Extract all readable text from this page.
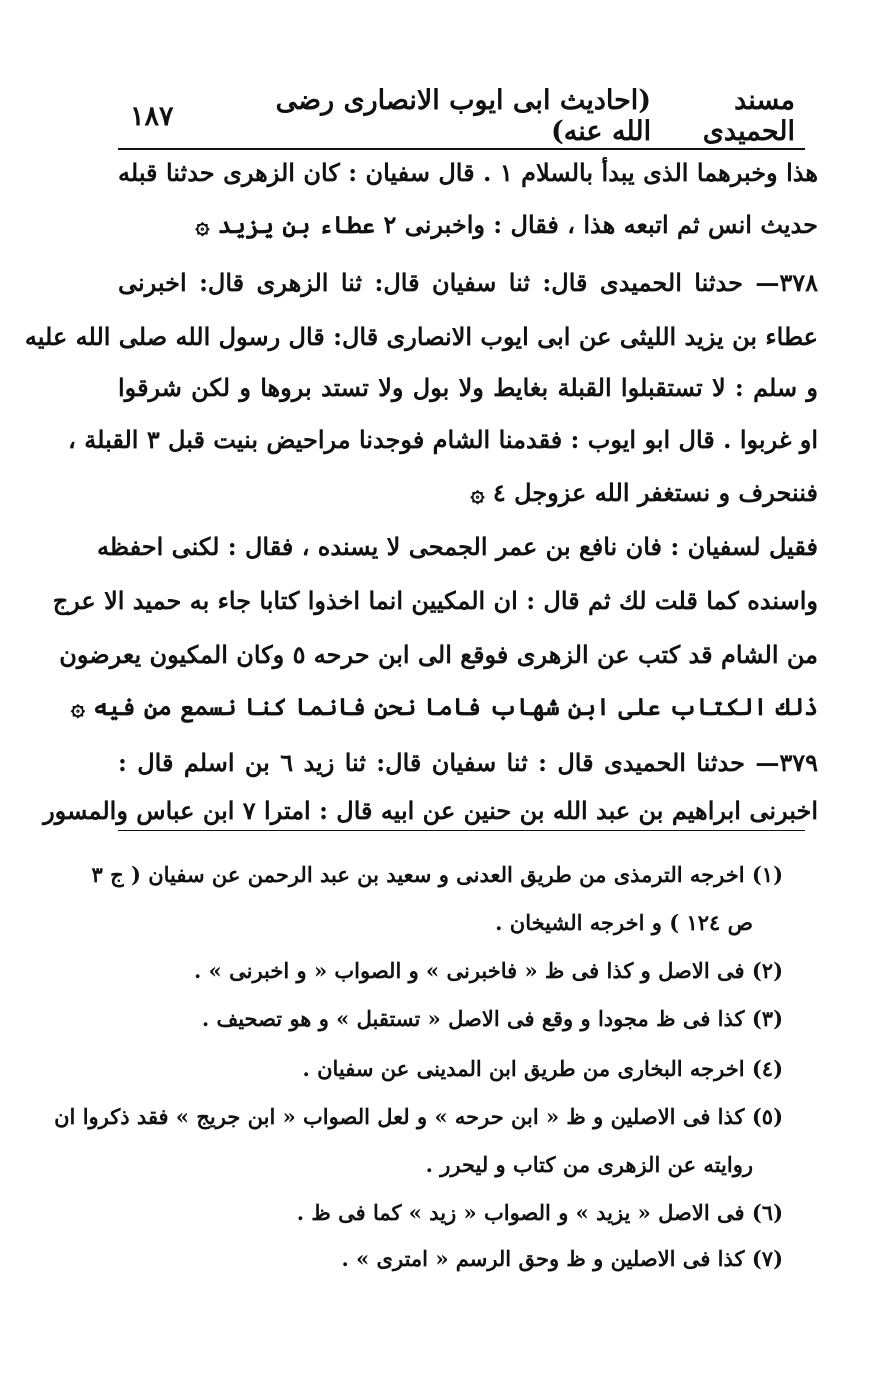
مسند الحميدى
(احاديث ابى ايوب الانصارى رضى الله عنه)
١٨٧
هذا وخبرهما الذى يبدأ بالسلام ١ . قال سفيان : كان الزهرى حدثنا قبله
حديث انس ثم اتبعه هذا ، فقال : واخبرنى ٢ عطاء بن يزيد ۞
٣٧٨— حدثنا الحميدى قال: ثنا سفيان قال: ثنا الزهرى قال: اخبرنى
عطاء بن يزيد الليثى عن ابى ايوب الانصارى قال: قال رسول الله صلى الله عليه
و سلم : لا تستقبلوا القبلة بغايط ولا بول ولا تستد بروها و لكن شرقوا
او غربوا . قال ابو ايوب : فقدمنا الشام فوجدنا مراحيض بنيت قبل ٣ القبلة ،
فننحرف و نستغفر الله عزوجل ٤ ۞
فقيل لسفيان : فان نافع بن عمر الجمحى لا يسنده ، فقال : لكنى احفظه
واسنده كما قلت لك ثم قال : ان المكيين انما اخذوا كتابا جاء به حميد الا عرج
من الشام قد كتب عن الزهرى فوقع الى ابن حرحه ٥ وكان المكيون يعرضون
ذلك الكتاب على ابن شهاب فاما نحن فانما كنا نسمع من فيه ۞
٣٧٩— حدثنا الحميدى قال : ثنا سفيان قال: ثنا زيد ٦ بن اسلم قال :
اخبرنى ابراهيم بن عبد الله بن حنين عن ابيه قال : امترا ٧ ابن عباس والمسور
(١) اخرجه الترمذى من طريق العدنى و سعيد بن عبد الرحمن عن سفيان ( ج ٣
ص ١٢٤ ) و اخرجه الشيخان .
(٢) فى الاصل و كذا فى ظ « فاخبرنى » و الصواب « و اخبرنى » .
(٣) كذا فى ظ مجودا و وقع فى الاصل « تستقبل » و هو تصحيف .
(٤) اخرجه البخارى من طريق ابن المدينى عن سفيان .
(٥) كذا فى الاصلين و ظ « ابن حرحه » و لعل الصواب « ابن جريج » فقد ذكروا ان
روايته عن الزهرى من كتاب و ليحرر .
(٦) فى الاصل « يزيد » و الصواب « زيد » كما فى ظ .
(٧) كذا فى الاصلين و ظ وحق الرسم « امترى » .
